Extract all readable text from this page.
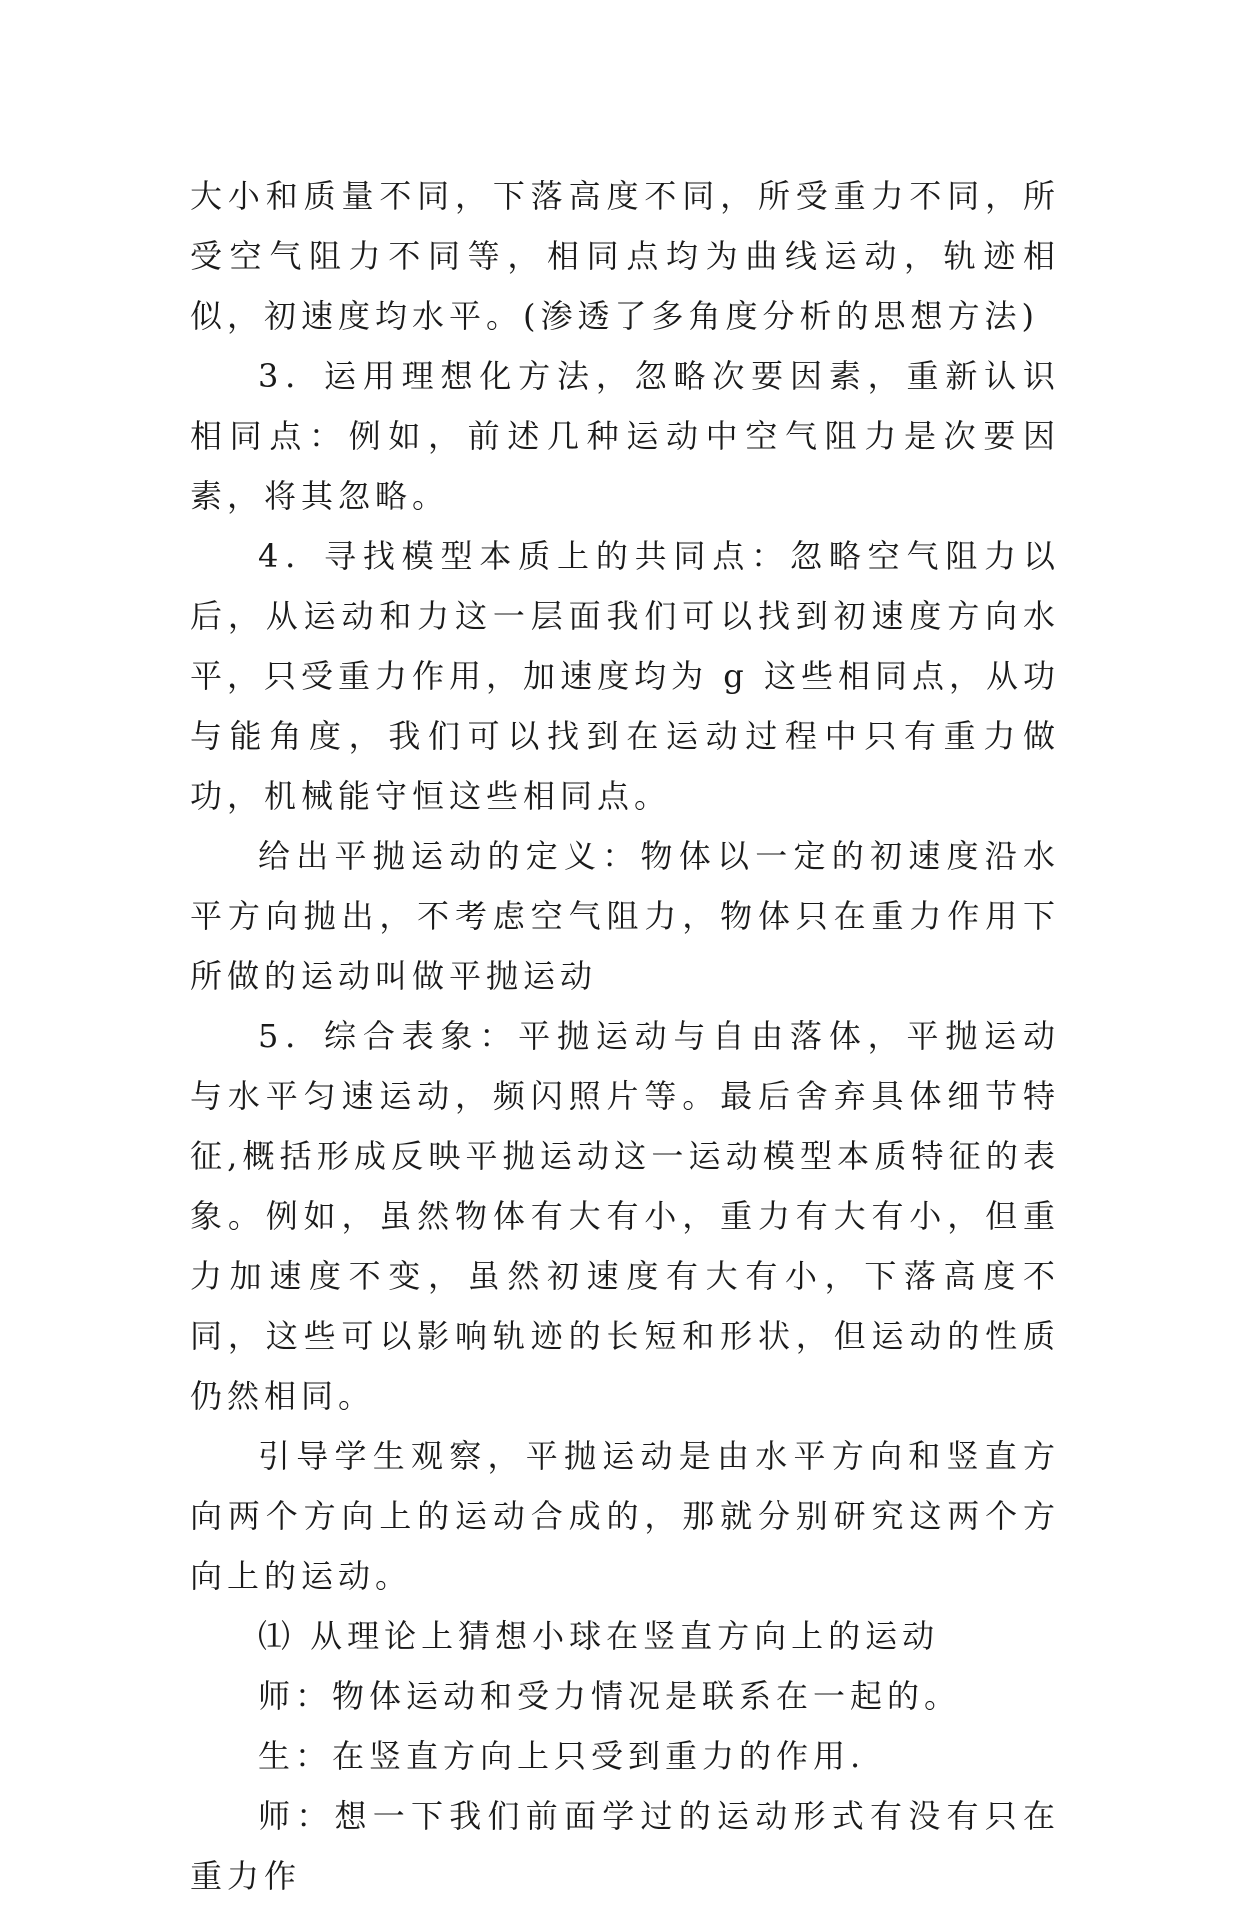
大小和质量不同，下落高度不同，所受重力不同，所受空气阻力不同等，相同点均为曲线运动，轨迹相似，初速度均水平。(渗透了多角度分析的思想方法)

3．运用理想化方法，忽略次要因素，重新认识相同点：例如，前述几种运动中空气阻力是次要因素，将其忽略。

4．寻找模型本质上的共同点：忽略空气阻力以后，从运动和力这一层面我们可以找到初速度方向水平，只受重力作用，加速度均为 g 这些相同点，从功与能角度，我们可以找到在运动过程中只有重力做功，机械能守恒这些相同点。

给出平抛运动的定义：物体以一定的初速度沿水平方向抛出，不考虑空气阻力，物体只在重力作用下所做的运动叫做平抛运动

5．综合表象：平抛运动与自由落体，平抛运动与水平匀速运动，频闪照片等。最后舍弃具体细节特征,概括形成反映平抛运动这一运动模型本质特征的表象。例如，虽然物体有大有小，重力有大有小，但重力加速度不变，虽然初速度有大有小，下落高度不同，这些可以影响轨迹的长短和形状，但运动的性质仍然相同。

引导学生观察，平抛运动是由水平方向和竖直方向两个方向上的运动合成的，那就分别研究这两个方向上的运动。

⑴ 从理论上猜想小球在竖直方向上的运动

师：物体运动和受力情况是联系在一起的。

生：在竖直方向上只受到重力的作用.

师：想一下我们前面学过的运动形式有没有只在重力作
